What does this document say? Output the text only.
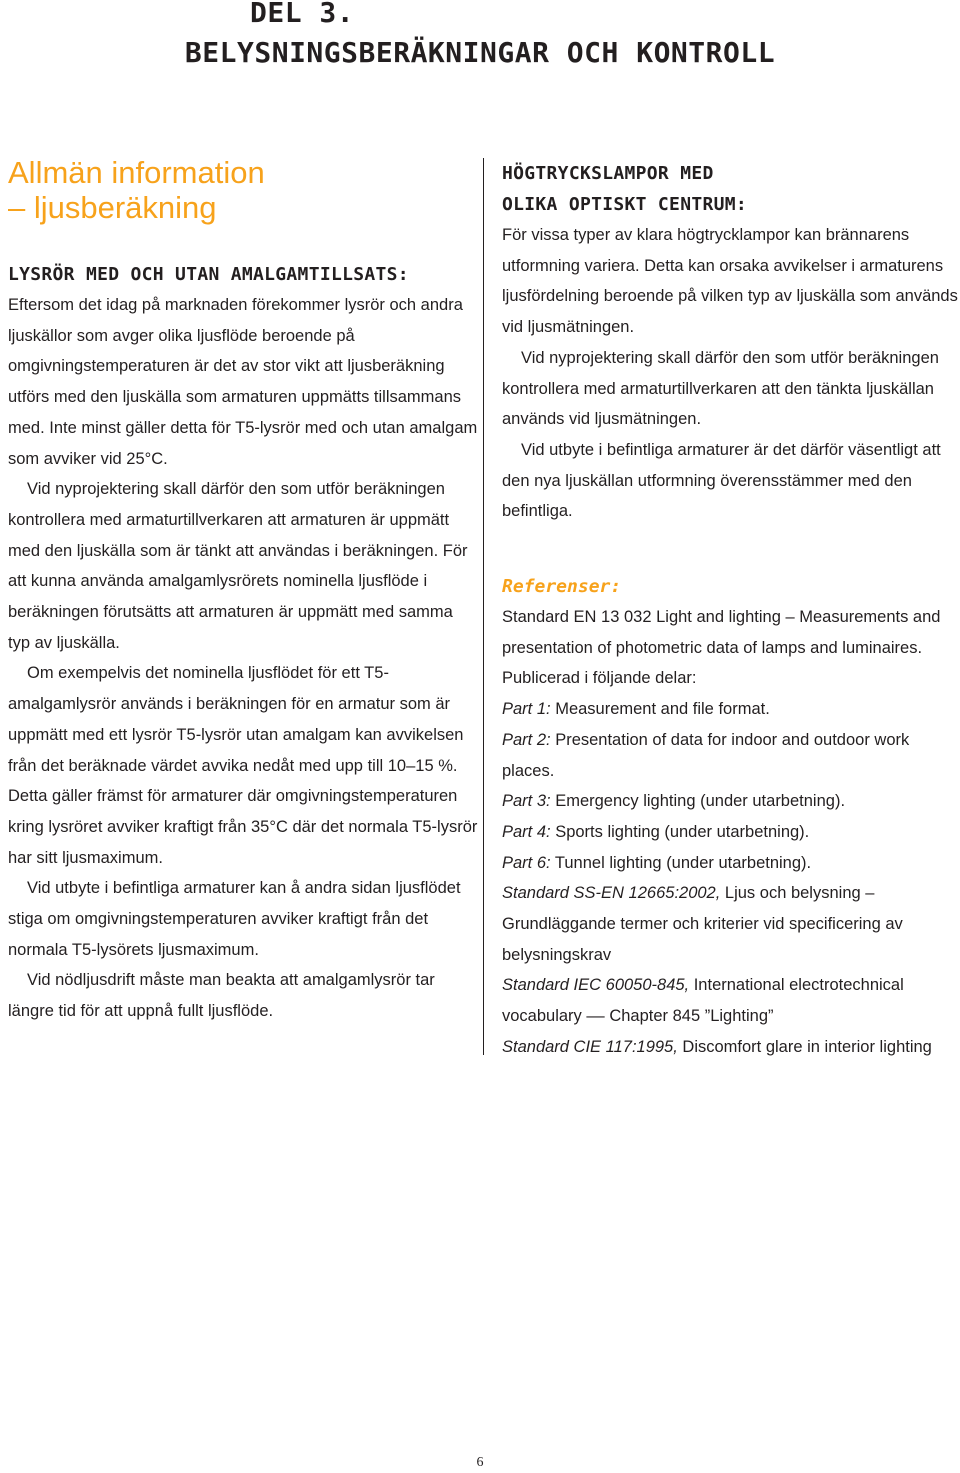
DEL 3.
BELYSNINGSBERÄKNINGAR OCH KONTROLL
Allmän information
– ljusberäkning
LYSRÖR MED OCH UTAN AMALGAMTILLSATS:

Eftersom det idag på marknaden förekommer lysrör och andra ljuskällor som avger olika ljusflöde beroende på omgivningstemperaturen är det av stor vikt att ljusberäkning utförs med den ljuskälla som armaturen uppmätts tillsammans med. Inte minst gäller detta för T5-lysrör med och utan amalgam som avviker vid 25°C.

Vid nyprojektering skall därför den som utför beräkningen kontrollera med armaturtillverkaren att armaturen är uppmätt med den ljuskälla som är tänkt att användas i beräkningen. För att kunna använda amalgamlysrörets nominella ljusflöde i beräkningen förutsätts att armaturen är uppmätt med samma typ av ljuskälla.

Om exempelvis det nominella ljusflödet för ett T5-amalgamlysrör används i beräkningen för en armatur som är uppmätt med ett lysrör T5-lysrör utan amalgam kan avvikelsen från det beräknade värdet avvika nedåt med upp till 10–15 %. Detta gäller främst för armaturer där omgivningstemperaturen kring lysröret avviker kraftigt från 35°C där det normala T5-lysrör har sitt ljusmaximum.

Vid utbyte i befintliga armaturer kan å andra sidan ljusflödet stiga om omgivningstemperaturen avviker kraftigt från det normala T5-lysörets ljusmaximum.

Vid nödljusdrift måste man beakta att amalgamlysrör tar längre tid för att uppnå fullt ljusflöde.

HÖGTRYCKSLAMPOR MED
OLIKA OPTISKT CENTRUM:

För vissa typer av klara högtrycklampor kan brännarens utformning variera. Detta kan orsaka avvikelser i armaturens ljusfördelning beroende på vilken typ av ljuskälla som används vid ljusmätningen.

Vid nyprojektering skall därför den som utför beräkningen kontrollera med armaturtillverkaren att den tänkta ljuskällan används vid ljusmätningen.

Vid utbyte i befintliga armaturer är det därför väsentligt att den nya ljuskällan utformning överensstämmer med den befintliga.

Referenser:

Standard EN 13 032 Light and lighting – Measurements and presentation of photometric data of lamps and luminaires. Publicerad i följande delar:

Part 1: Measurement and file format.

Part 2: Presentation of data for indoor and outdoor work places.

Part 3: Emergency lighting (under utarbetning).

Part 4: Sports lighting (under utarbetning).

Part 6: Tunnel lighting (under utarbetning).

Standard SS-EN 12665:2002, Ljus och belysning – Grundläggande termer och kriterier vid specificering av belysningskrav

Standard IEC 60050-845, International electrotechnical vocabulary –– Chapter 845 ”Lighting”

Standard CIE 117:1995, Discomfort glare in interior lighting

6
